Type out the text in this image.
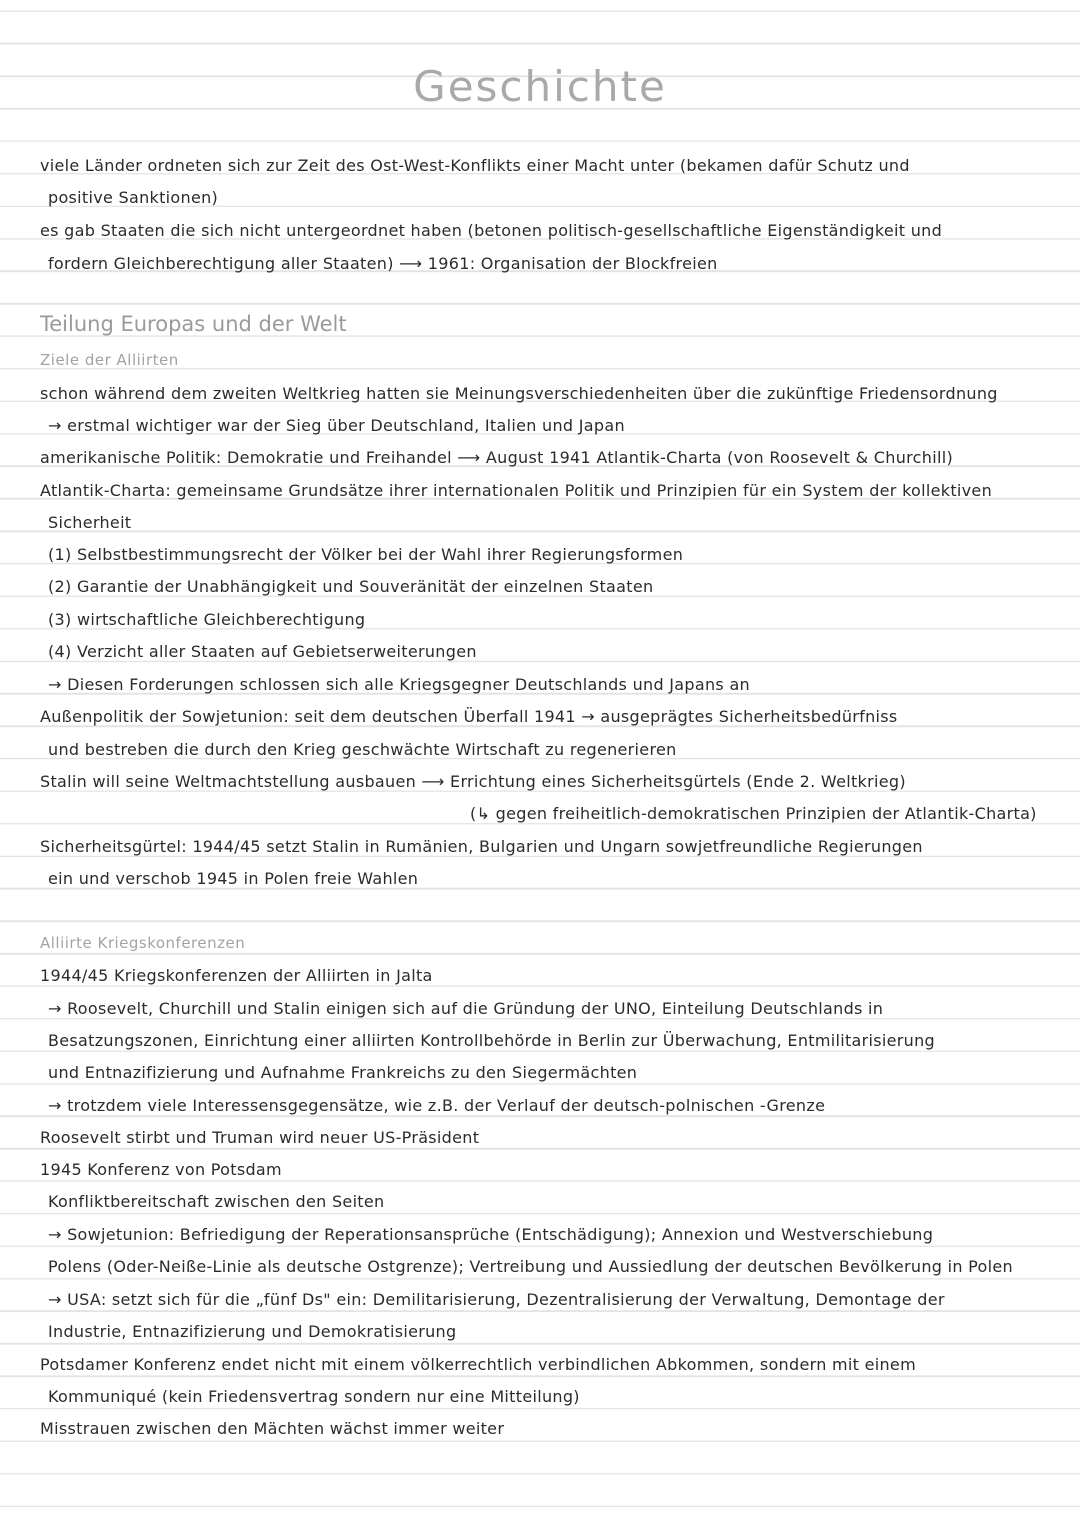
Geschichte
· viele Länder ordneten sich zur Zeit des Ost-West-Konflikts einer Macht unter (bekamen dafür Schutz und
positive Sanktionen)
· es gab Staaten die sich nicht untergeordnet haben (betonen politisch-gesellschaftliche Eigenständigkeit und
fordern Gleichberechtigung aller Staaten) ⟶ 1961: Organisation der Blockfreien
Teilung Europas und der Welt
Ziele der Alliirten
· schon während dem zweiten Weltkrieg hatten sie Meinungsverschiedenheiten über die zukünftige Friedensordnung
→ erstmal wichtiger war der Sieg über Deutschland, Italien und Japan
· amerikanische Politik: Demokratie und Freihandel ⟶ August 1941 Atlantik-Charta (von Roosevelt & Churchill)
· Atlantik-Charta: gemeinsame Grundsätze ihrer internationalen Politik und Prinzipien für ein System der kollektiven
Sicherheit
(1) Selbstbestimmungsrecht der Völker bei der Wahl ihrer Regierungsformen
(2) Garantie der Unabhängigkeit und Souveränität der einzelnen Staaten
(3) wirtschaftliche Gleichberechtigung
(4) Verzicht aller Staaten auf Gebietserweiterungen
→ Diesen Forderungen schlossen sich alle Kriegsgegner Deutschlands und Japans an
· Außenpolitik der Sowjetunion: seit dem deutschen Überfall 1941 → ausgeprägtes Sicherheitsbedürfniss
und bestreben die durch den Krieg geschwächte Wirtschaft zu regenerieren
· Stalin will seine Weltmachtstellung ausbauen ⟶ Errichtung eines Sicherheitsgürtels (Ende 2. Weltkrieg)
(↳ gegen freiheitlich-demokratischen Prinzipien der Atlantik-Charta)
· Sicherheitsgürtel: 1944/45 setzt Stalin in Rumänien, Bulgarien und Ungarn sowjetfreundliche Regierungen
ein und verschob 1945 in Polen freie Wahlen
Alliirte Kriegskonferenzen
· 1944/45 Kriegskonferenzen der Alliirten in Jalta
→ Roosevelt, Churchill und Stalin einigen sich auf die Gründung der UNO, Einteilung Deutschlands in
Besatzungszonen, Einrichtung einer alliirten Kontrollbehörde in Berlin zur Überwachung, Entmilitarisierung
und Entnazifizierung und Aufnahme Frankreichs zu den Siegermächten
→ trotzdem viele Interessensgegensätze, wie z.B. der Verlauf der deutsch-polnischen -Grenze
· Roosevelt stirbt und Truman wird neuer US-Präsident
· 1945 Konferenz von Potsdam
Konfliktbereitschaft zwischen den Seiten
→ Sowjetunion: Befriedigung der Reperationsansprüche (Entschädigung); Annexion und Westverschiebung
Polens (Oder-Neiße-Linie als deutsche Ostgrenze); Vertreibung und Aussiedlung der deutschen Bevölkerung in Polen
→ USA: setzt sich für die „fünf Ds" ein: Demilitarisierung, Dezentralisierung der Verwaltung, Demontage der
Industrie, Entnazifizierung und Demokratisierung
· Potsdamer Konferenz endet nicht mit einem völkerrechtlich verbindlichen Abkommen, sondern mit einem
Kommuniqué (kein Friedensvertrag sondern nur eine Mitteilung)
· Misstrauen zwischen den Mächten wächst immer weiter
